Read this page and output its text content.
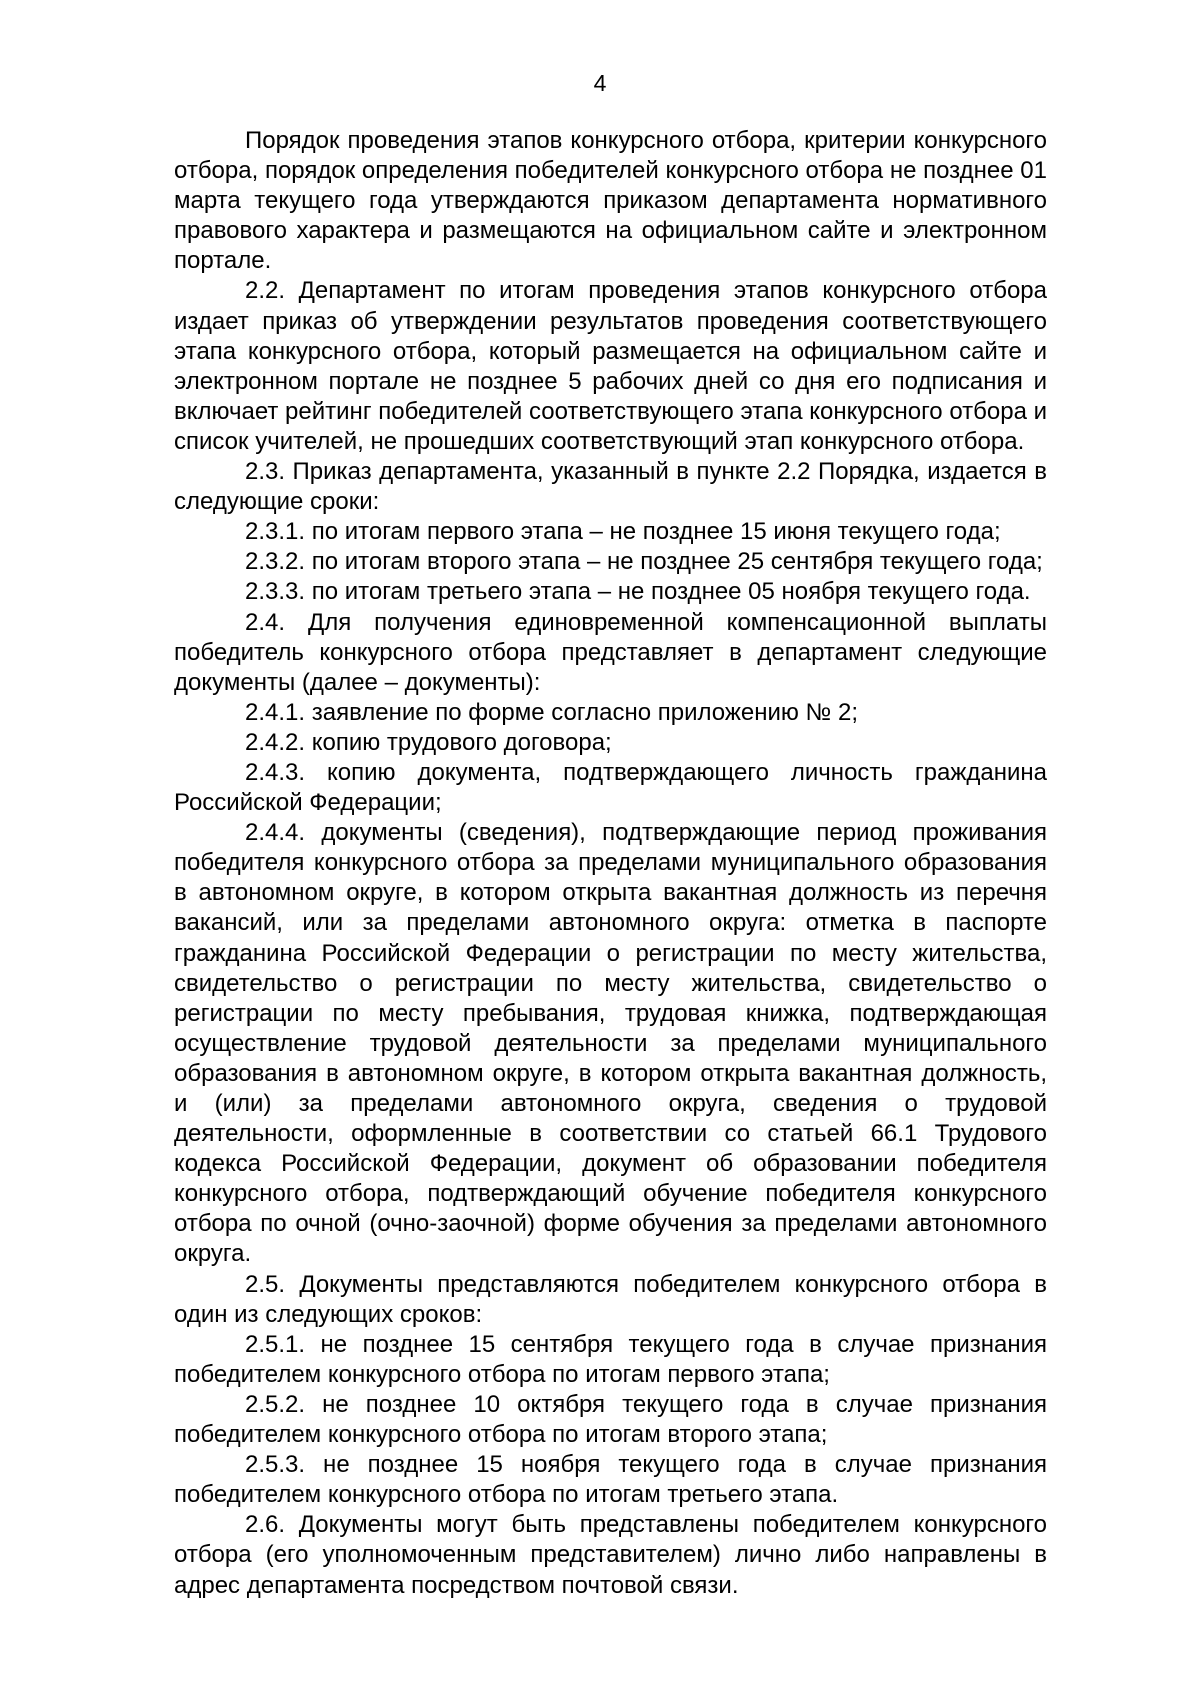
4

Порядок проведения этапов конкурсного отбора, критерии конкурсного отбора, порядок определения победителей конкурсного отбора не позднее 01 марта текущего года утверждаются приказом департамента нормативного правового характера и размещаются на официальном сайте и электронном портале.

2.2. Департамент по итогам проведения этапов конкурсного отбора издает приказ об утверждении результатов проведения соответствующего этапа конкурсного отбора, который размещается на официальном сайте и электронном портале не позднее 5 рабочих дней со дня его подписания и включает рейтинг победителей соответствующего этапа конкурсного отбора и список учителей, не прошедших соответствующий этап конкурсного отбора.

2.3. Приказ департамента, указанный в пункте 2.2 Порядка, издается в следующие сроки:

2.3.1. по итогам первого этапа – не позднее 15 июня текущего года;

2.3.2. по итогам второго этапа – не позднее 25 сентября текущего года;

2.3.3. по итогам третьего этапа – не позднее 05 ноября текущего года.

2.4. Для получения единовременной компенсационной выплаты победитель конкурсного отбора представляет в департамент следующие документы (далее – документы):

2.4.1. заявление по форме согласно приложению № 2;

2.4.2. копию трудового договора;

2.4.3. копию документа, подтверждающего личность гражданина Российской Федерации;

2.4.4. документы (сведения), подтверждающие период проживания победителя конкурсного отбора за пределами муниципального образования в автономном округе, в котором открыта вакантная должность из перечня вакансий, или за пределами автономного округа: отметка в паспорте гражданина Российской Федерации о регистрации по месту жительства, свидетельство о регистрации по месту жительства, свидетельство о регистрации по месту пребывания, трудовая книжка, подтверждающая осуществление трудовой деятельности за пределами муниципального образования в автономном округе, в котором открыта вакантная должность, и (или) за пределами автономного округа, сведения о трудовой деятельности, оформленные в соответствии со статьей 66.1 Трудового кодекса Российской Федерации, документ об образовании победителя конкурсного отбора, подтверждающий обучение победителя конкурсного отбора по очной (очно-заочной) форме обучения за пределами автономного округа.

2.5. Документы представляются победителем конкурсного отбора в один из следующих сроков:

2.5.1. не позднее 15 сентября текущего года в случае признания победителем конкурсного отбора по итогам первого этапа;

2.5.2. не позднее 10 октября текущего года в случае признания победителем конкурсного отбора по итогам второго этапа;

2.5.3. не позднее 15 ноября текущего года в случае признания победителем конкурсного отбора по итогам третьего этапа.

2.6. Документы могут быть представлены победителем конкурсного отбора (его уполномоченным представителем) лично либо направлены в адрес департамента посредством почтовой связи.
